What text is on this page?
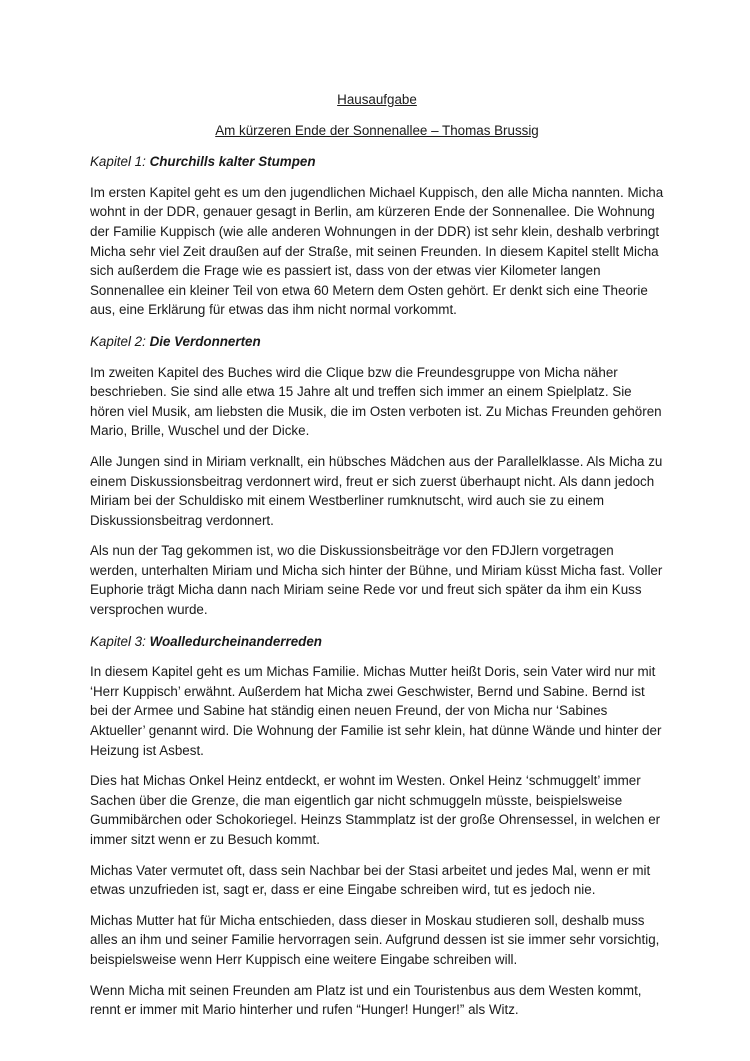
Hausaufgabe
Am kürzeren Ende der Sonnenallee – Thomas Brussig
Kapitel 1: Churchills kalter Stumpen

Im ersten Kapitel geht es um den jugendlichen Michael Kuppisch, den alle Micha nannten. Micha wohnt in der DDR, genauer gesagt in Berlin, am kürzeren Ende der Sonnenallee. Die Wohnung der Familie Kuppisch (wie alle anderen Wohnungen in der DDR) ist sehr klein, deshalb verbringt Micha sehr viel Zeit draußen auf der Straße, mit seinen Freunden. In diesem Kapitel stellt Micha sich außerdem die Frage wie es passiert ist, dass von der etwas vier Kilometer langen Sonnenallee ein kleiner Teil von etwa 60 Metern dem Osten gehört. Er denkt sich eine Theorie aus, eine Erklärung für etwas das ihm nicht normal vorkommt.

Kapitel 2: Die Verdonnerten

Im zweiten Kapitel des Buches wird die Clique bzw die Freundesgruppe von Micha näher beschrieben. Sie sind alle etwa 15 Jahre alt und treffen sich immer an einem Spielplatz. Sie hören viel Musik, am liebsten die Musik, die im Osten verboten ist. Zu Michas Freunden gehören Mario, Brille, Wuschel und der Dicke.

Alle Jungen sind in Miriam verknallt, ein hübsches Mädchen aus der Parallelklasse. Als Micha zu einem Diskussionsbeitrag verdonnert wird, freut er sich zuerst überhaupt nicht. Als dann jedoch Miriam bei der Schuldisko mit einem Westberliner rumknutscht, wird auch sie zu einem Diskussionsbeitrag verdonnert.

Als nun der Tag gekommen ist, wo die Diskussionsbeiträge vor den FDJlern vorgetragen werden, unterhalten Miriam und Micha sich hinter der Bühne, und Miriam küsst Micha fast. Voller Euphorie trägt Micha dann nach Miriam seine Rede vor und freut sich später da ihm ein Kuss versprochen wurde.

Kapitel 3: Woalledurcheinanderreden

In diesem Kapitel geht es um Michas Familie. Michas Mutter heißt Doris, sein Vater wird nur mit ‘Herr Kuppisch’ erwähnt. Außerdem hat Micha zwei Geschwister, Bernd und Sabine. Bernd ist bei der Armee und Sabine hat ständig einen neuen Freund, der von Micha nur ‘Sabines Aktueller’ genannt wird. Die Wohnung der Familie ist sehr klein, hat dünne Wände und hinter der Heizung ist Asbest.

Dies hat Michas Onkel Heinz entdeckt, er wohnt im Westen. Onkel Heinz ‘schmuggelt’ immer Sachen über die Grenze, die man eigentlich gar nicht schmuggeln müsste, beispielsweise Gummibärchen oder Schokoriegel. Heinzs Stammplatz ist der große Ohrensessel, in welchen er immer sitzt wenn er zu Besuch kommt.

Michas Vater vermutet oft, dass sein Nachbar bei der Stasi arbeitet und jedes Mal, wenn er mit etwas unzufrieden ist, sagt er, dass er eine Eingabe schreiben wird, tut es jedoch nie.

Michas Mutter hat für Micha entschieden, dass dieser in Moskau studieren soll, deshalb muss alles an ihm und seiner Familie hervorragen sein. Aufgrund dessen ist sie immer sehr vorsichtig, beispielsweise wenn Herr Kuppisch eine weitere Eingabe schreiben will.

Wenn Micha mit seinen Freunden am Platz ist und ein Touristenbus aus dem Westen kommt, rennt er immer mit Mario hinterher und rufen “Hunger! Hunger!” als Witz.
